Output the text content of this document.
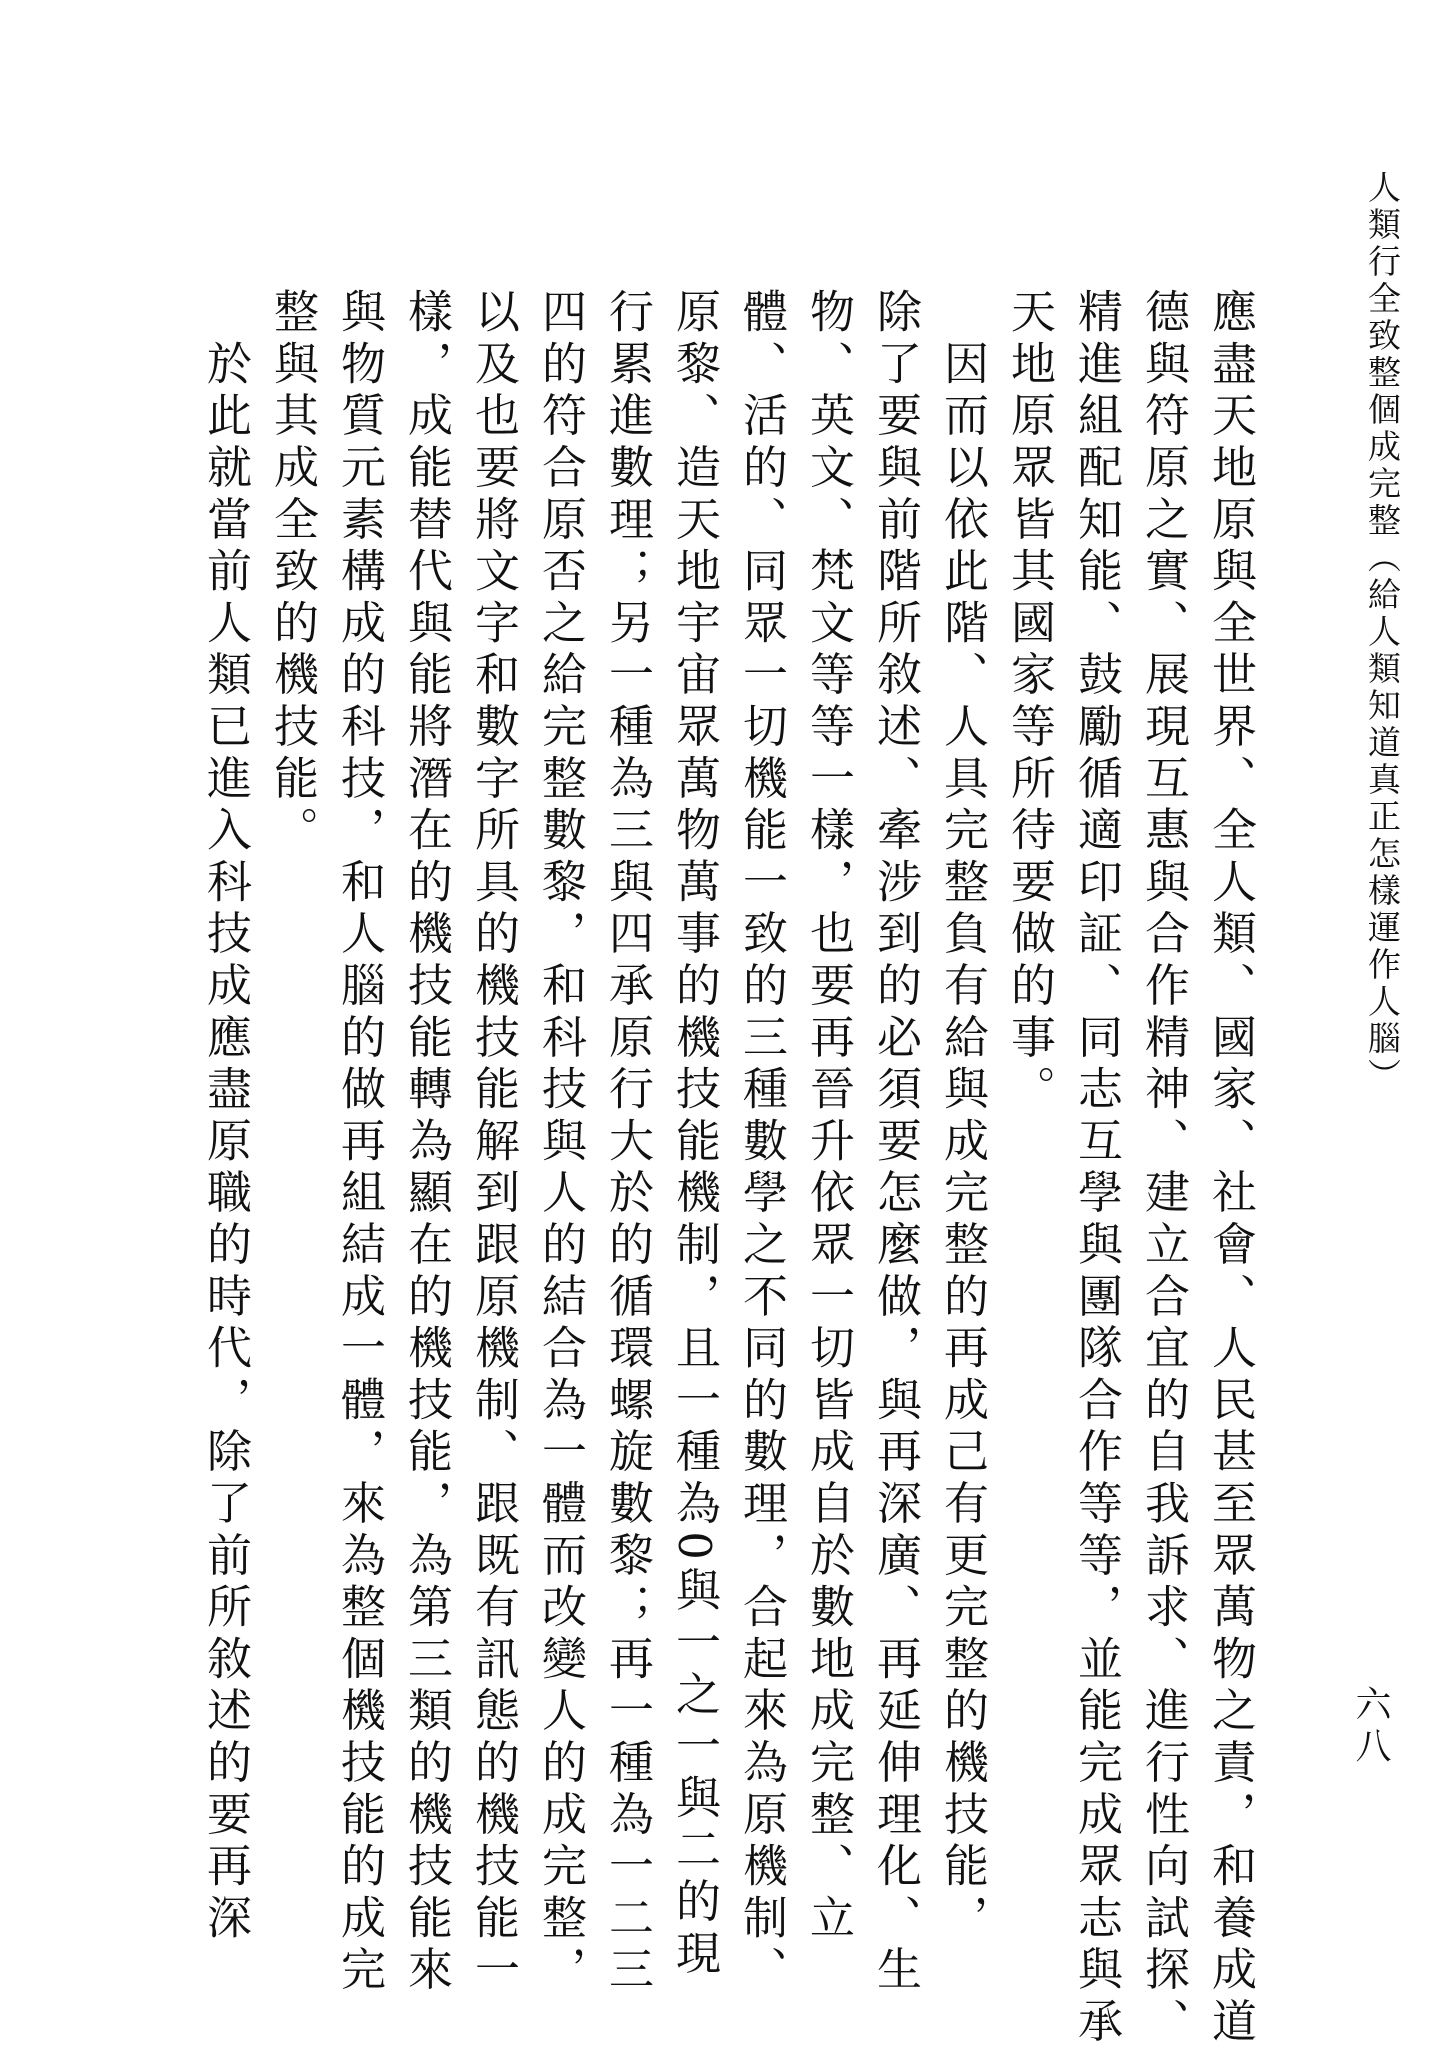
人類行全致整個成完整（給人類知道真正怎樣運作人腦）
六八

應盡天地原與全世界、全人類、國家、社會、人民甚至眾萬物之責，和養成道
德與符原之實、展現互惠與合作精神、建立合宜的自我訴求、進行性向試探、
精進組配知能、鼓勵循適印証、同志互學與團隊合作等等，並能完成眾志與承
天地原眾皆其國家等所待要做的事。

　因而以依此階、人具完整負有給與成完整的再成己有更完整的機技能，
除了要與前階所敘述、牽涉到的必須要怎麼做，與再深廣、再延伸理化、生
物、英文、梵文等等一樣，也要再晉升依眾一切皆成自於數地成完整、立
體、活的、同眾一切機能一致的三種數學之不同的數理，合起來為原機制、
原黎、造天地宇宙眾萬物萬事的機技能機制，且一種為0與一之一與二的現
行累進數理；另一種為三與四承原行大於的循環螺旋數黎；再一種為一二三
四的符合原否之給完整數黎，和科技與人的結合為一體而改變人的成完整，
以及也要將文字和數字所具的機技能解到跟原機制、跟既有訊態的機技能一
樣，成能替代與能將潛在的機技能轉為顯在的機技能，為第三類的機技能來
與物質元素構成的科技，和人腦的做再組結成一體，來為整個機技能的成完
整與其成全致的機技能。

　於此就當前人類已進入科技成應盡原職的時代，除了前所敘述的要再深
